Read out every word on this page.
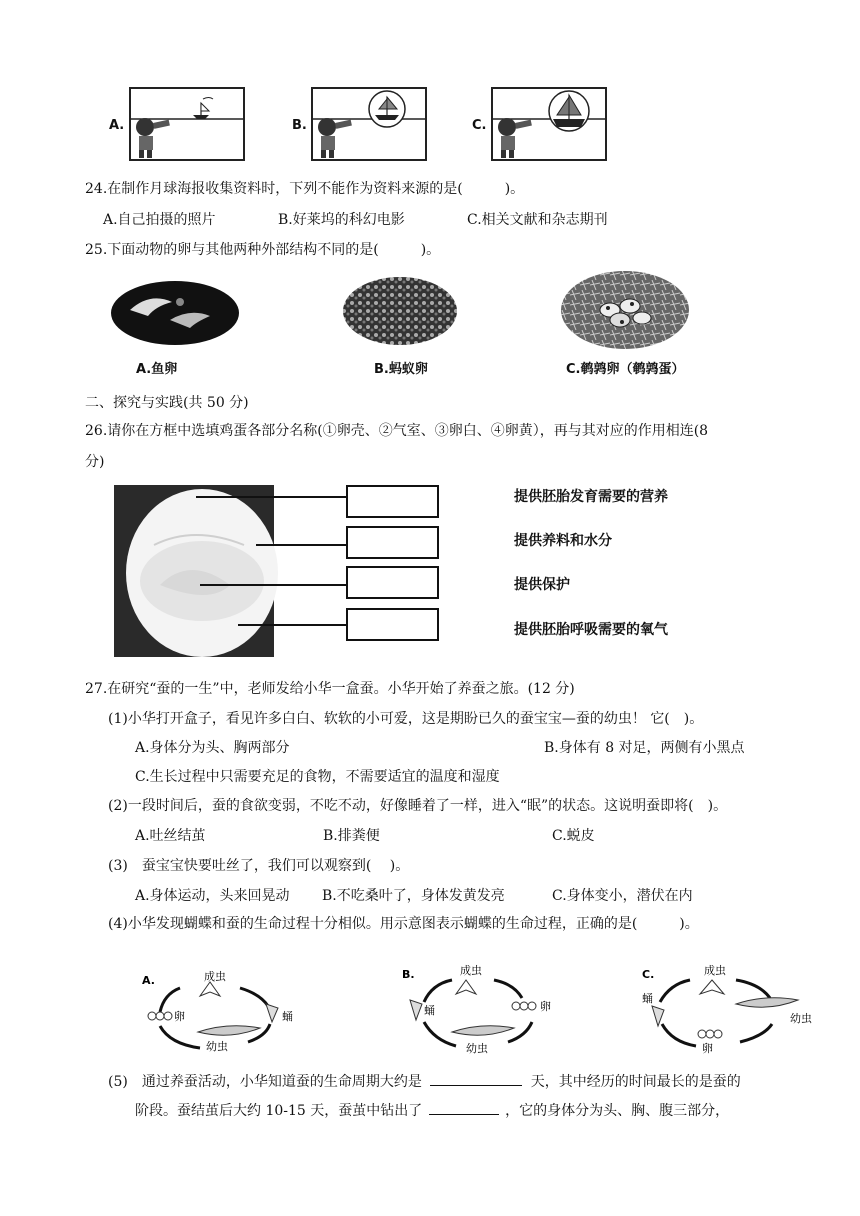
A.	B.	C.
24.在制作月球海报收集资料时，下列不能作为资料来源的是(　　　)。
A.自己拍摄的照片	B.好莱坞的科幻电影	C.相关文献和杂志期刊
25.下面动物的卵与其他两种外部结构不同的是(　　　)。
A.鱼卵	B.蚂蚁卵	C.鹌鹑卵（鹌鹑蛋）
二、探究与实践(共 50 分)
26.请你在方框中选填鸡蛋各部分名称(①卵壳、②气室、③卵白、④卵黄），再与其对应的作用相连(8
分)
提供胚胎发育需要的营养
提供养料和水分
提供保护
提供胚胎呼吸需要的氧气
27.在研究“蚕的一生”中，老师发给小华一盒蚕。小华开始了养蚕之旅。(12 分)
(1)小华打开盒子，看见许多白白、软软的小可爱，这是期盼已久的蚕宝宝—蚕的幼虫！ 它(　)。
A.身体分为头、胸两部分	B.身体有 8 对足，两侧有小黑点
C.生长过程中只需要充足的食物，不需要适宜的温度和湿度
(2)一段时间后，蚕的食欲变弱，不吃不动，好像睡着了一样，进入“眠”的状态。这说明蚕即将(　)。
A.吐丝结茧	B.排粪便	C.蜕皮
(3)　蚕宝宝快要吐丝了，我们可以观察到(　 )。
A.身体运动，头来回晃动 B.不吃桑叶了，身体发黄发亮	C.身体变小，潜伏在内
(4)小华发现蝴蝶和蚕的生命过程十分相似。用示意图表示蝴蝶的生命过程，正确的是(　　　)。
A.	成虫
卵	蛹
幼虫
B.	成虫
蛹	卵
幼虫
C.	成虫
蛹
幼虫
卵
(5)　通过养蚕活动，小华知道蚕的生命周期大约是	天，其中经历的时间最长的是蚕的
阶段。蚕结茧后大约 10-15 天，蚕茧中钻出了	，它的身体分为头、胸、腹三部分，
